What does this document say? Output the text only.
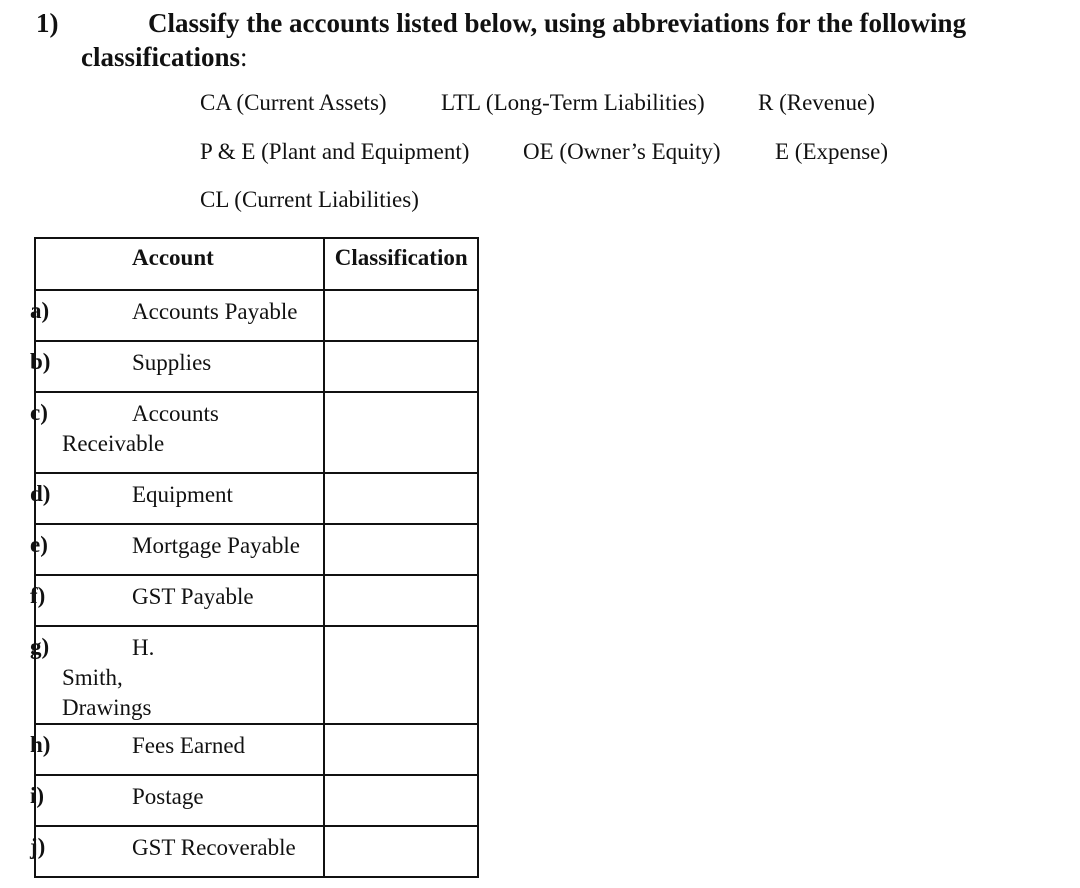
1)	Classify the accounts listed below, using abbreviations for the following
classifications:
CA (Current Assets) LTL (Long-Term Liabilities) R (Revenue)
P & E (Plant and Equipment) OE (Owner’s Equity) E (Expense)
CL (Current Liabilities)
Account	Classification

a) Accounts Payable	

b) Supplies	

c) Accounts Receivable	

d) Equipment	

e) Mortgage Payable	

f) GST Payable	

g) H. Smith, Drawings	

h) Fees Earned	

i) Postage	

j) GST Recoverable	
